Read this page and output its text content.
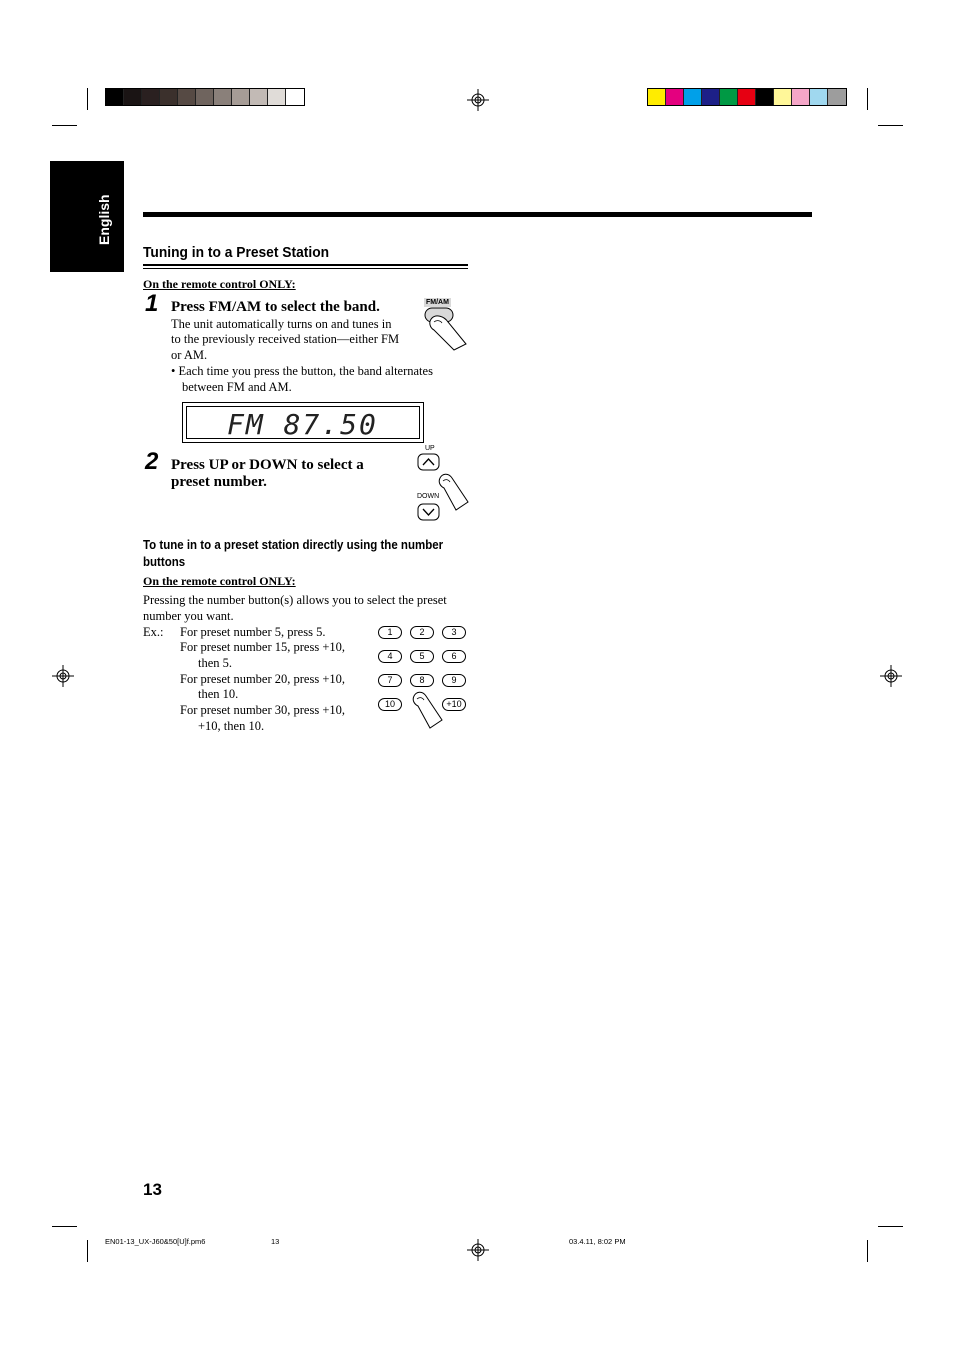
English
Tuning in to a Preset Station
On the remote control ONLY:
1 Press FM/AM to select the band.
The unit automatically turns on and tunes in
to the previously received station—either FM
or AM.
• Each time you press the button, the band alternates
between FM and AM.
FM/AM
FM 87.50
2 Press UP or DOWN to select a
preset number.
UP
DOWN
To tune in to a preset station directly using the number
buttons
On the remote control ONLY:
Pressing the number button(s) allows you to select the preset
number you want.
Ex.: For preset number 5, press 5.
For preset number 15, press +10,
then 5.
For preset number 20, press +10,
then 10.
For preset number 30, press +10,
+10, then 10.
1	2	3
4	5	6
7	8	9
10	+10
13
EN01-13_UX-J60&50[U]f.pm6	13	03.4.11, 8:02 PM
